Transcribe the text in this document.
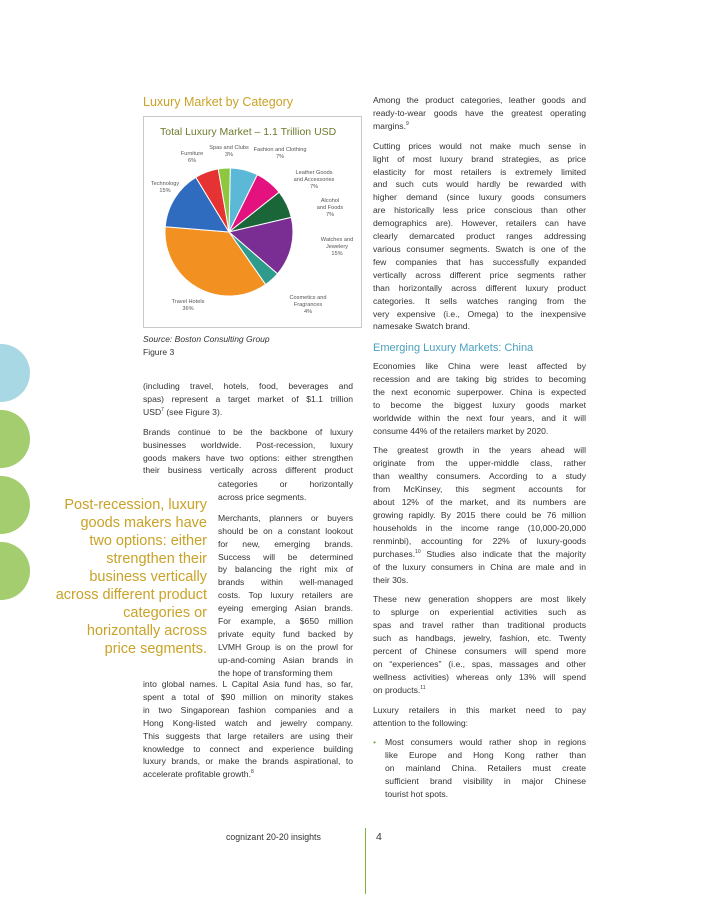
Luxury Market by Category
Total Luxury Market – 1.1 Trillion USD
Fashion and Clothing
7%
Leather Goods
and Accessories
7%
Alcohol
and Foods
7%
Watches and
Jewelery
15%
Cosmetics and
Fragrances
4%
Travel Hotels
36%
Technology
15%
Furniture
6%
Spas and Clubs
3%
Source: Boston Consulting Group
Figure 3

(including travel, hotels, food, beverages and
spas) represent a target market of $1.1 trillion
USD$^7$ (see Figure 3).

Brands continue to be the backbone of luxury
businesses worldwide. Post-recession, luxury
goods makers have two options: either strengthen
their business vertically across different product

categories or horizontally
across price segments.

Merchants, planners or buyers
should be on a constant lookout
for new, emerging brands.
Success will be determined
by balancing the right mix of
brands within well-managed
costs. Top luxury retailers are
eyeing emerging Asian brands.
For example, a $650 million
private equity fund backed by
LVMH Group is on the prowl for
up-and-coming Asian brands in
the hope of transforming them

into global names. L Capital Asia fund has, so far,
spent a total of $90 million on minority stakes
in two Singaporean fashion companies and a
Hong Kong-listed watch and jewelry company.
This suggests that large retailers are using their
knowledge to connect and experience building
luxury brands, or make the brands aspirational, to
accelerate profitable growth.$^8$

Post-recession, luxury goods makers have two options: either strengthen their business vertically across different product categories or horizontally across price segments.

Among the product categories, leather goods and
ready-to-wear goods have the greatest operating
margins.$^9$

Cutting prices would not make much sense in
light of most luxury brand strategies, as price
elasticity for most retailers is extremely limited
and such cuts would hardly be rewarded with
higher demand (since luxury goods consumers
are historically less price conscious than other
demographics are). However, retailers can have
clearly demarcated product ranges addressing
various consumer segments. Swatch is one of the
few companies that has successfully expanded
vertically across different price segments rather
than horizontally across different luxury product
categories. It sells watches ranging from the
very expensive (i.e., Omega) to the inexpensive
namesake Swatch brand.

Emerging Luxury Markets: China

Economies like China were least affected by
recession and are taking big strides to becoming
the next economic superpower. China is expected
to become the biggest luxury goods market
worldwide within the next four years, and it will
consume 44% of the retailers market by 2020.

The greatest growth in the years ahead will
originate from the upper-middle class, rather
than wealthy consumers. According to a study
from McKinsey, this segment accounts for
about 12% of the market, and its numbers are
growing rapidly. By 2015 there could be 76 million
households in the income range (10,000-20,000
renminbi), accounting for 22% of luxury-goods
purchases.$^{10}$ Studies also indicate that the majority
of the luxury consumers in China are male and in
their 30s.

These new generation shoppers are most likely
to splurge on experiential activities such as
spas and travel rather than traditional products
such as handbags, jewelry, fashion, etc. Twenty
percent of Chinese consumers will spend more
on “experiences” (i.e., spas, massages and other
wellness activities) whereas only 13% will spend
on products.$^{11}$

Luxury retailers in this market need to pay
attention to the following:

• Most consumers would rather shop in regions
like Europe and Hong Kong rather than
on mainland China. Retailers must create
sufficient brand visibility in major Chinese
tourist hot spots.
cognizant 20-20 insights	4
